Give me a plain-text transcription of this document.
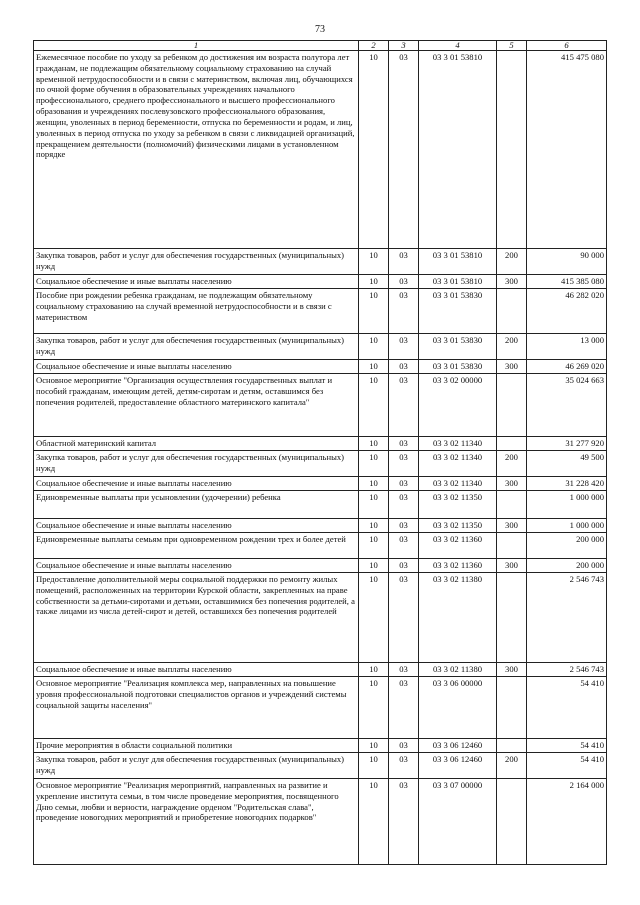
73
1	2	3	4	5	6
Ежемесячное пособие по уходу за ребенком до достижения им возраста полутора лет гражданам, не подлежащим обязательному социальному страхованию на случай временной нетрудоспособности и в связи с материнством, включая лиц, обучающихся по очной форме обучения в образовательных учреждениях начального профессионального, среднего профессионального и высшего профессионального образования и учреждениях послевузовского профессионального образования, женщин, уволенных в период беременности, отпуска по беременности и родам, и лиц, уволенных в период отпуска по уходу за ребенком в связи с ликвидацией организаций, прекращением деятельности (полномочий) физическими лицами в установленном порядке	10	03	03 3 01 53810		415 475 080
Закупка товаров, работ и услуг для обеспечения государственных (муниципальных) нужд	10	03	03 3 01 53810	200	90 000
Социальное обеспечение и иные выплаты населению	10	03	03 3 01 53810	300	415 385 080
Пособие при рождении ребенка гражданам, не подлежащим обязательному социальному страхованию на случай временной нетрудоспособности и в связи с материнством	10	03	03 3 01 53830		46 282 020
Закупка товаров, работ и услуг для обеспечения государственных (муниципальных) нужд	10	03	03 3 01 53830	200	13 000
Социальное обеспечение и иные выплаты населению	10	03	03 3 01 53830	300	46 269 020
Основное мероприятие "Организация осуществления государственных выплат и пособий гражданам, имеющим детей, детям-сиротам и детям, оставшимся без попечения родителей, предоставление областного материнского капитала"	10	03	03 3 02 00000		35 024 663
Областной материнский капитал	10	03	03 3 02 11340		31 277 920
Закупка товаров, работ и услуг для обеспечения государственных (муниципальных) нужд	10	03	03 3 02 11340	200	49 500
Социальное обеспечение и иные выплаты населению	10	03	03 3 02 11340	300	31 228 420
Единовременные выплаты при усыновлении (удочерении) ребенка	10	03	03 3 02 11350		1 000 000
Социальное обеспечение и иные выплаты населению	10	03	03 3 02 11350	300	1 000 000
Единовременные выплаты семьям при одновременном рождении трех и более детей	10	03	03 3 02 11360		200 000
Социальное обеспечение и иные выплаты населению	10	03	03 3 02 11360	300	200 000
Предоставление дополнительной меры социальной поддержки по ремонту жилых помещений, расположенных на территории Курской области, закрепленных на праве собственности за детьми-сиротами и детьми, оставшимися без попечения родителей, а также лицами из числа детей-сирот и детей, оставшихся без попечения родителей	10	03	03 3 02 11380		2 546 743
Социальное обеспечение и иные выплаты населению	10	03	03 3 02 11380	300	2 546 743
Основное мероприятие "Реализация комплекса мер, направленных на повышение уровня профессиональной подготовки специалистов органов и учреждений системы социальной защиты населения"	10	03	03 3 06 00000		54 410
Прочие мероприятия в области социальной политики	10	03	03 3 06 12460		54 410
Закупка товаров, работ и услуг для обеспечения государственных (муниципальных) нужд	10	03	03 3 06 12460	200	54 410
Основное мероприятие "Реализация мероприятий, направленных на развитие и укрепление института семьи, в том числе проведение мероприятия, посвященного Дню семьи, любви и верности, награждение орденом "Родительская слава", проведение новогодних мероприятий и приобретение новогодних подарков"	10	03	03 3 07 00000		2 164 000
